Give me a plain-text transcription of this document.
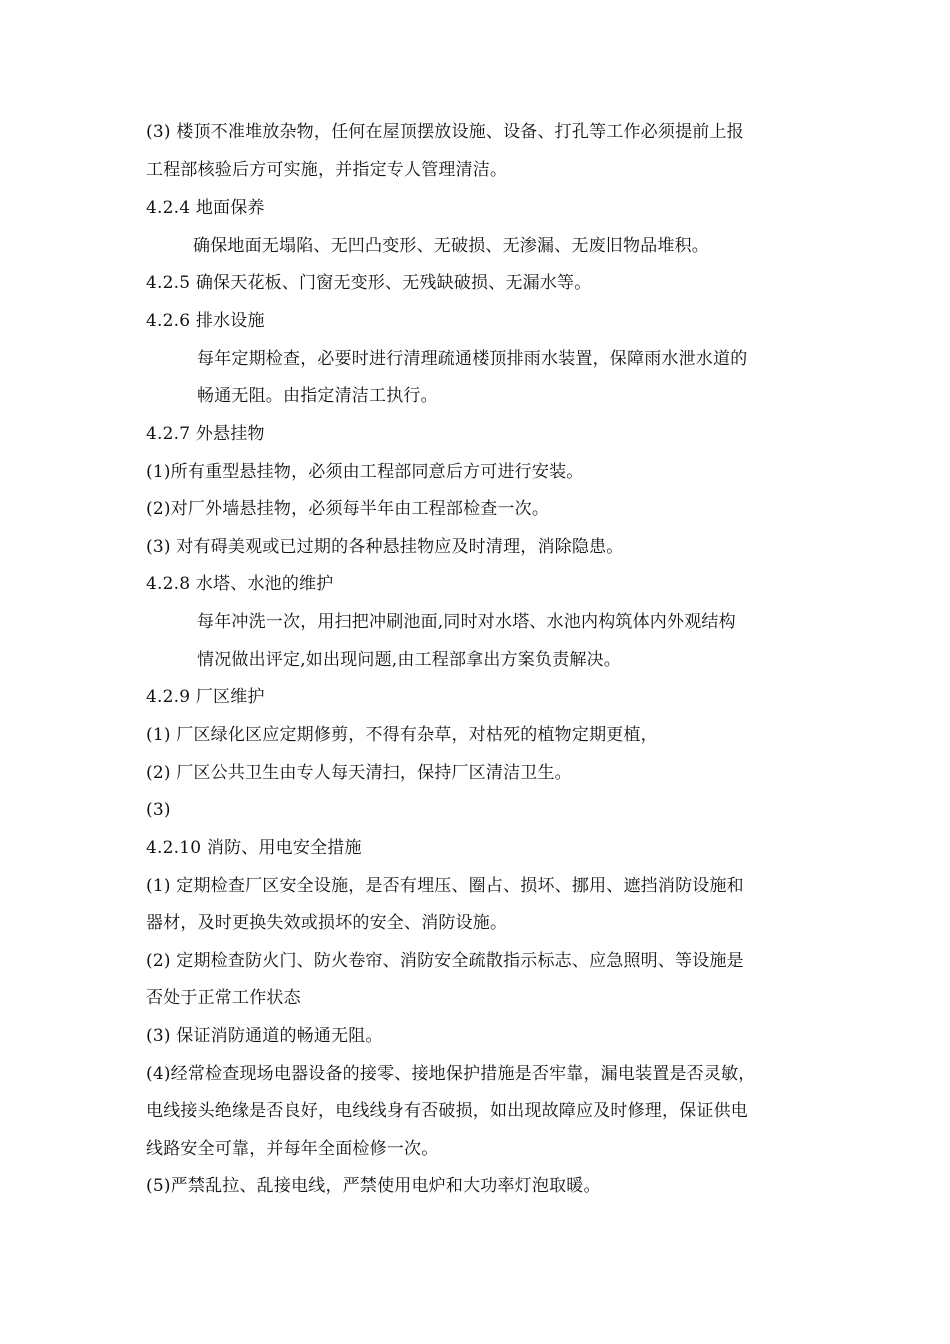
(3) 楼顶不准堆放杂物，任何在屋顶摆放设施、设备、打孔等工作必须提前上报
工程部核验后方可实施，并指定专人管理清洁。
4.2.4 地面保养
确保地面无塌陷、无凹凸变形、无破损、无渗漏、无废旧物品堆积。
4.2.5 确保天花板、门窗无变形、无残缺破损、无漏水等。
4.2.6 排水设施
每年定期检查，必要时进行清理疏通楼顶排雨水装置，保障雨水泄水道的
畅通无阻。由指定清洁工执行。
4.2.7 外悬挂物
(1)所有重型悬挂物，必须由工程部同意后方可进行安装。
(2)对厂外墙悬挂物，必须每半年由工程部检查一次。
(3) 对有碍美观或已过期的各种悬挂物应及时清理，消除隐患。
4.2.8 水塔、水池的维护
每年冲洗一次，用扫把冲刷池面,同时对水塔、水池内构筑体内外观结构
情况做出评定,如出现问题,由工程部拿出方案负责解决。
4.2.9 厂区维护
(1) 厂区绿化区应定期修剪，不得有杂草，对枯死的植物定期更植，
(2) 厂区公共卫生由专人每天清扫，保持厂区清洁卫生。
(3)
4.2.10 消防、用电安全措施
(1) 定期检查厂区安全设施，是否有埋压、圈占、损坏、挪用、遮挡消防设施和
器材，及时更换失效或损坏的安全、消防设施。
(2) 定期检查防火门、防火卷帘、消防安全疏散指示标志、应急照明、等设施是
否处于正常工作状态
(3) 保证消防通道的畅通无阻。
(4)经常检查现场电器设备的接零、接地保护措施是否牢靠，漏电装置是否灵敏，
电线接头绝缘是否良好，电线线身有否破损，如出现故障应及时修理，保证供电
线路安全可靠，并每年全面检修一次。
(5)严禁乱拉、乱接电线，严禁使用电炉和大功率灯泡取暖。
